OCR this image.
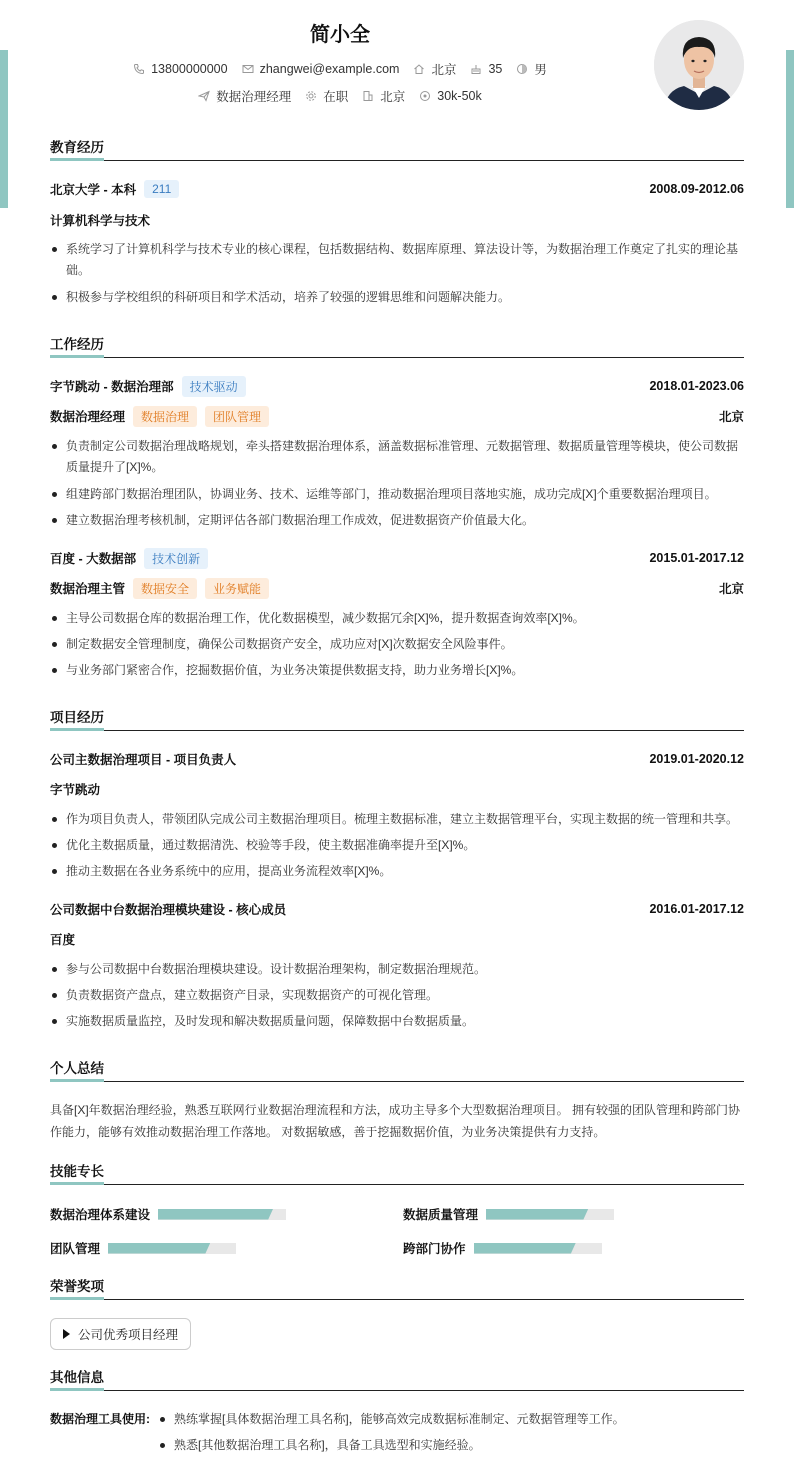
简小全
13800000000	zhangwei@example.com	北京	35	男
数据治理经理	在职	北京	30k-50k
教育经历
北京大学 - 本科	211	2008.09-2012.06
计算机科学与技术
系统学习了计算机科学与技术专业的核心课程，包括数据结构、数据库原理、算法设计等，为数据治理工作奠定了扎实的理论基础。
积极参与学校组织的科研项目和学术活动，培养了较强的逻辑思维和问题解决能力。
工作经历
字节跳动 - 数据治理部	技术驱动	2018.01-2023.06
数据治理经理	数据治理	团队管理	北京
负责制定公司数据治理战略规划，牵头搭建数据治理体系，涵盖数据标准管理、元数据管理、数据质量管理等模块，使公司数据质量提升了[X]%。
组建跨部门数据治理团队，协调业务、技术、运维等部门，推动数据治理项目落地实施，成功完成[X]个重要数据治理项目。
建立数据治理考核机制，定期评估各部门数据治理工作成效，促进数据资产价值最大化。
百度 - 大数据部	技术创新	2015.01-2017.12
数据治理主管	数据安全	业务赋能	北京
主导公司数据仓库的数据治理工作，优化数据模型，减少数据冗余[X]%，提升数据查询效率[X]%。
制定数据安全管理制度，确保公司数据资产安全，成功应对[X]次数据安全风险事件。
与业务部门紧密合作，挖掘数据价值，为业务决策提供数据支持，助力业务增长[X]%。
项目经历
公司主数据治理项目 - 项目负责人	2019.01-2020.12
字节跳动
作为项目负责人，带领团队完成公司主数据治理项目。梳理主数据标准，建立主数据管理平台，实现主数据的统一管理和共享。
优化主数据质量，通过数据清洗、校验等手段，使主数据准确率提升至[X]%。
推动主数据在各业务系统中的应用，提高业务流程效率[X]%。
公司数据中台数据治理模块建设 - 核心成员	2016.01-2017.12
百度
参与公司数据中台数据治理模块建设。设计数据治理架构，制定数据治理规范。
负责数据资产盘点，建立数据资产目录，实现数据资产的可视化管理。
实施数据质量监控，及时发现和解决数据质量问题，保障数据中台数据质量。
个人总结
具备[X]年数据治理经验，熟悉互联网行业数据治理流程和方法，成功主导多个大型数据治理项目。 拥有较强的团队管理和跨部门协作能力，能够有效推动数据治理工作落地。 对数据敏感，善于挖掘数据价值，为业务决策提供有力支持。
技能专长
数据治理体系建设	数据质量管理
团队管理	跨部门协作
荣誉奖项
公司优秀项目经理
其他信息
数据治理工具使用:	熟练掌握[具体数据治理工具名称]，能够高效完成数据标准制定、元数据管理等工作。
熟悉[其他数据治理工具名称]，具备工具选型和实施经验。
